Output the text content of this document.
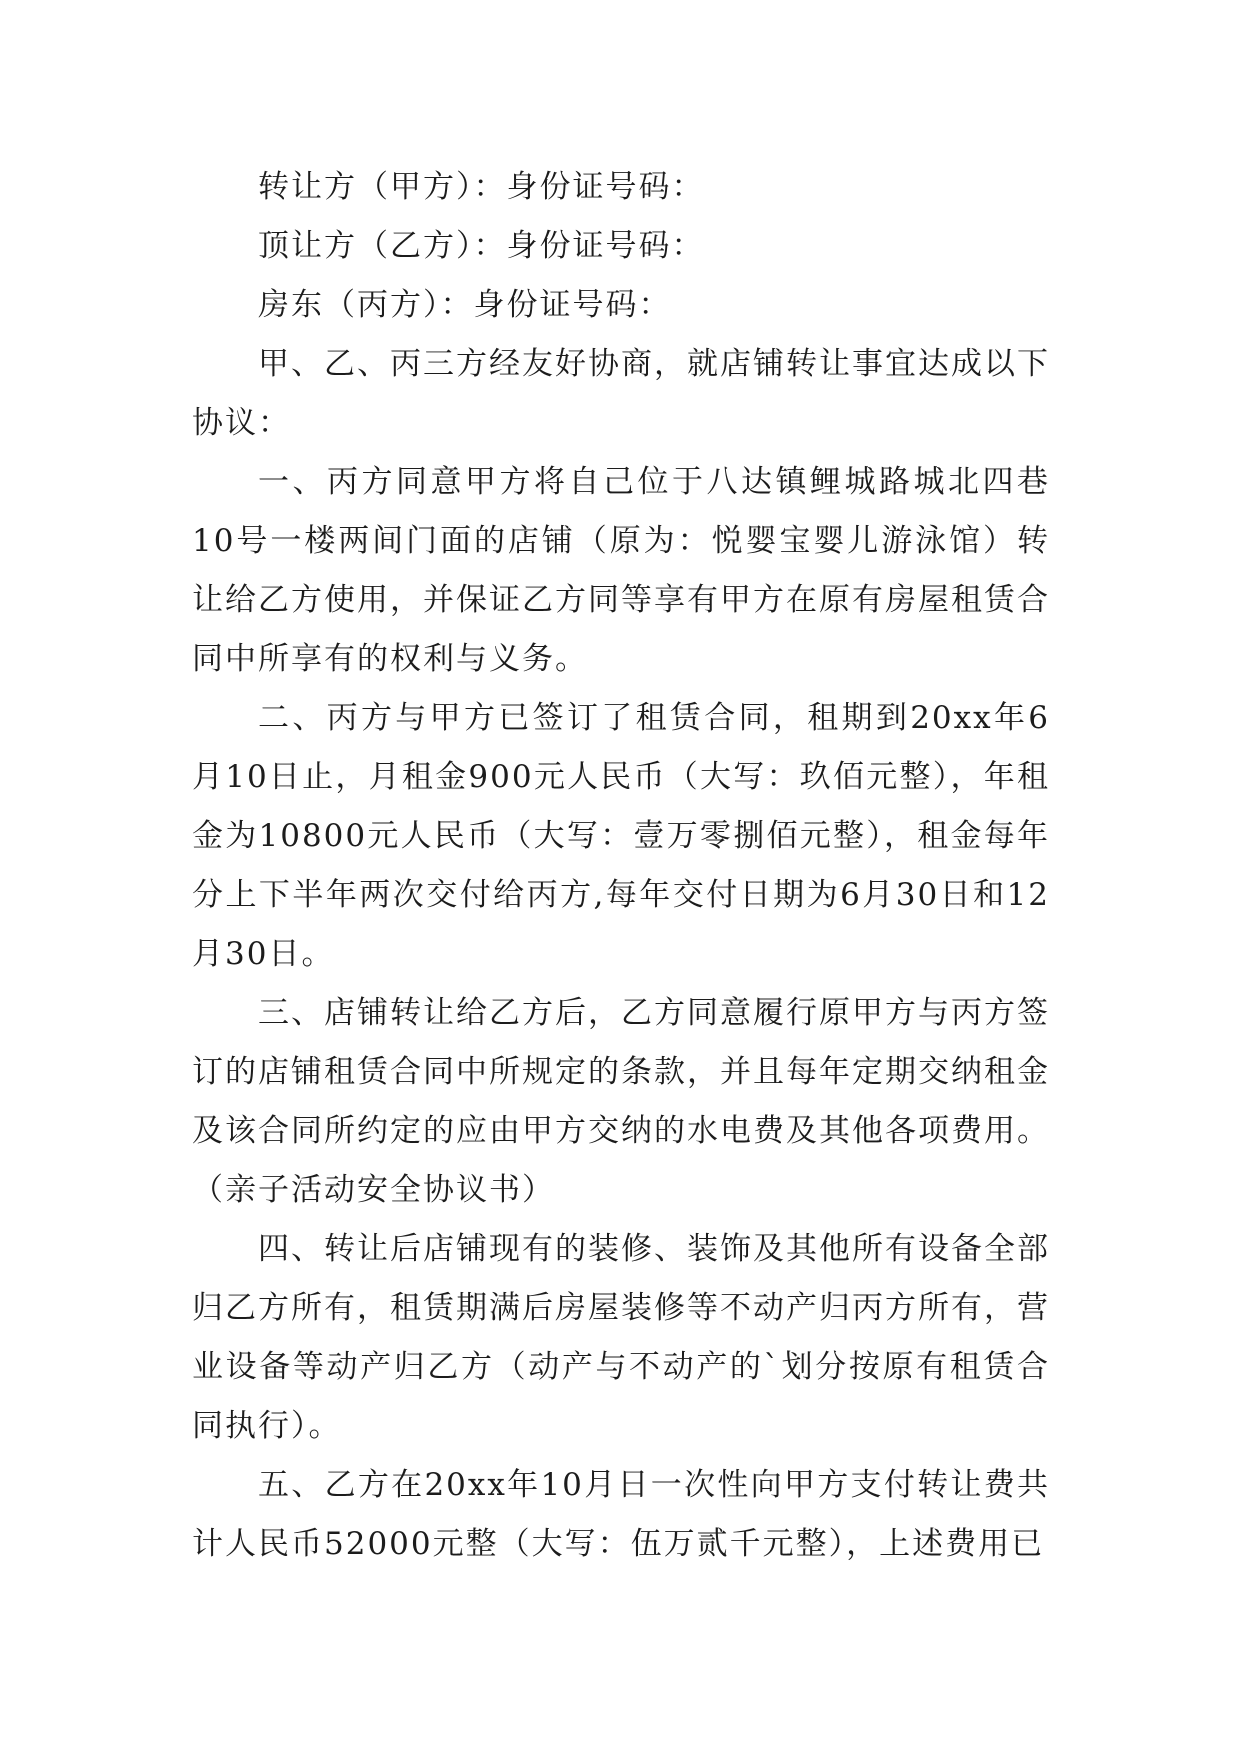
转让方（甲方）：身份证号码：

顶让方（乙方）：身份证号码：

房东（丙方）：身份证号码：

甲、乙、丙三方经友好协商，就店铺转让事宜达成以下协议：

一、丙方同意甲方将自己位于八达镇鲤城路城北四巷10号一楼两间门面的店铺（原为：悦婴宝婴儿游泳馆）转让给乙方使用，并保证乙方同等享有甲方在原有房屋租赁合同中所享有的权利与义务。

二、丙方与甲方已签订了租赁合同，租期到20xx年6月10日止，月租金900元人民币（大写：玖佰元整），年租金为10800元人民币（大写：壹万零捌佰元整），租金每年分上下半年两次交付给丙方,每年交付日期为6月30日和12月30日。

三、店铺转让给乙方后，乙方同意履行原甲方与丙方签订的店铺租赁合同中所规定的条款，并且每年定期交纳租金及该合同所约定的应由甲方交纳的水电费及其他各项费用。

（亲子活动安全协议书）

四、转让后店铺现有的装修、装饰及其他所有设备全部归乙方所有，租赁期满后房屋装修等不动产归丙方所有，营业设备等动产归乙方（动产与不动产的`划分按原有租赁合同执行）。

五、乙方在20xx年10月日一次性向甲方支付转让费共计人民币52000元整（大写：伍万贰千元整），上述费用已
